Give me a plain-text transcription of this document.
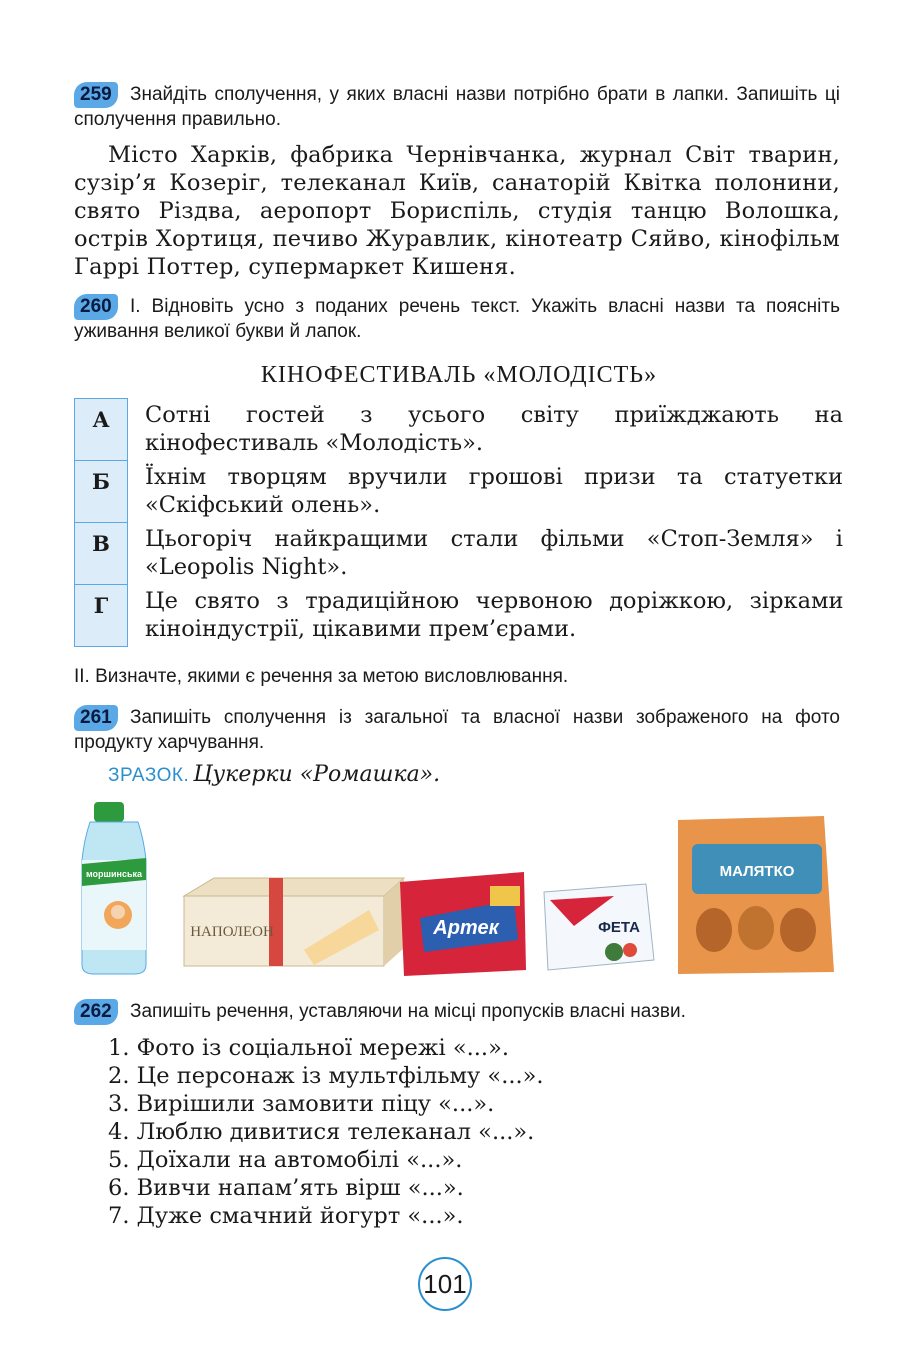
259 Знайдіть сполучення, у яких власні назви потрібно брати в лапки. Запишіть ці сполучення правильно.
Місто Харків, фабрика Чернівчанка, журнал Світ тварин, сузір’я Козеріг, телеканал Київ, санаторій Квітка полонини, свято Різдва, аеропорт Бориспіль, студія танцю Волошка, острів Хортиця, печиво Журавлик, кінотеатр Сяйво, кінофільм Гаррі Поттер, супермаркет Кишеня.
260 І. Відновіть усно з поданих речень текст. Укажіть власні назви та поясніть уживання великої букви й лапок.
КІНОФЕСТИВАЛЬ «МОЛОДІСТЬ»
А	Сотні гостей з усього світу приїжджають на кінофестиваль «Молодість».
Б	Їхнім творцям вручили грошові призи та статуетки «Скіфський олень».
В	Цьогоріч найкращими стали фільми «Стоп-Земля» і «Leopolis Night».
Г	Це свято з традиційною червоною доріжкою, зірками кіноіндустрії, цікавими прем’єрами.
ІІ. Визначте, якими є речення за метою висловлювання.
261 Запишіть сполучення із загальної та власної назви зображеного на фото продукту харчування.
ЗРАЗОК. Цукерки «Ромашка».
моршинська
НАПОЛЕОН	Артек	ФЕТА
МАЛЯТКО
262 Запишіть речення, уставляючи на місці пропусків власні назви.
1. Фото із соціальної мережі «...».
2. Це персонаж із мультфільму «...».
3. Вирішили замовити піцу «...».
4. Люблю дивитися телеканал «...».
5. Доїхали на автомобілі «...».
6. Вивчи напам’ять вірш «...».
7. Дуже смачний йогурт «...».
101
